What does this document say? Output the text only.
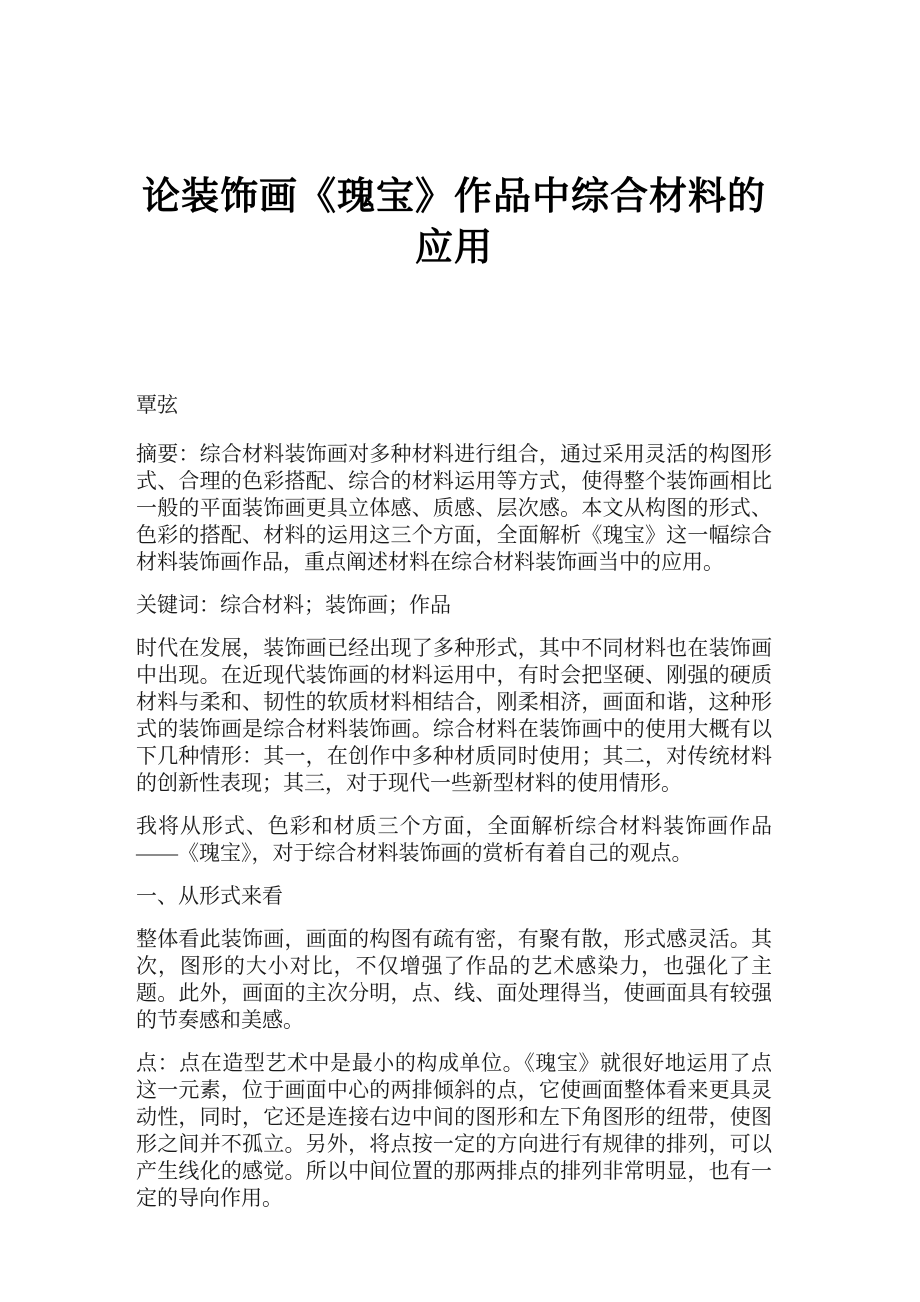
论装饰画《瑰宝》作品中综合材料的应用

覃弦

摘要：综合材料装饰画对多种材料进行组合，通过采用灵活的构图形式、合理的色彩搭配、综合的材料运用等方式，使得整个装饰画相比一般的平面装饰画更具立体感、质感、层次感。本文从构图的形式、色彩的搭配、材料的运用这三个方面，全面解析《瑰宝》这一幅综合材料装饰画作品，重点阐述材料在综合材料装饰画当中的应用。

关键词：综合材料；装饰画；作品

时代在发展，装饰画已经出现了多种形式，其中不同材料也在装饰画中出现。在近现代装饰画的材料运用中，有时会把坚硬、刚强的硬质材料与柔和、韧性的软质材料相结合，刚柔相济，画面和谐，这种形式的装饰画是综合材料装饰画。综合材料在装饰画中的使用大概有以下几种情形：其一，在创作中多种材质同时使用；其二，对传统材料的创新性表现；其三，对于现代一些新型材料的使用情形。

我将从形式、色彩和材质三个方面，全面解析综合材料装饰画作品——《瑰宝》，对于综合材料装饰画的赏析有着自己的观点。

一、从形式来看

整体看此装饰画，画面的构图有疏有密，有聚有散，形式感灵活。其次，图形的大小对比，不仅增强了作品的艺术感染力，也强化了主题。此外，画面的主次分明，点、线、面处理得当，使画面具有较强的节奏感和美感。

点：点在造型艺术中是最小的构成单位。《瑰宝》就很好地运用了点这一元素，位于画面中心的两排倾斜的点，它使画面整体看来更具灵动性，同时，它还是连接右边中间的图形和左下角图形的纽带，使图形之间并不孤立。另外，将点按一定的方向进行有规律的排列，可以产生线化的感觉。所以中间位置的那两排点的排列非常明显，也有一定的导向作用。
